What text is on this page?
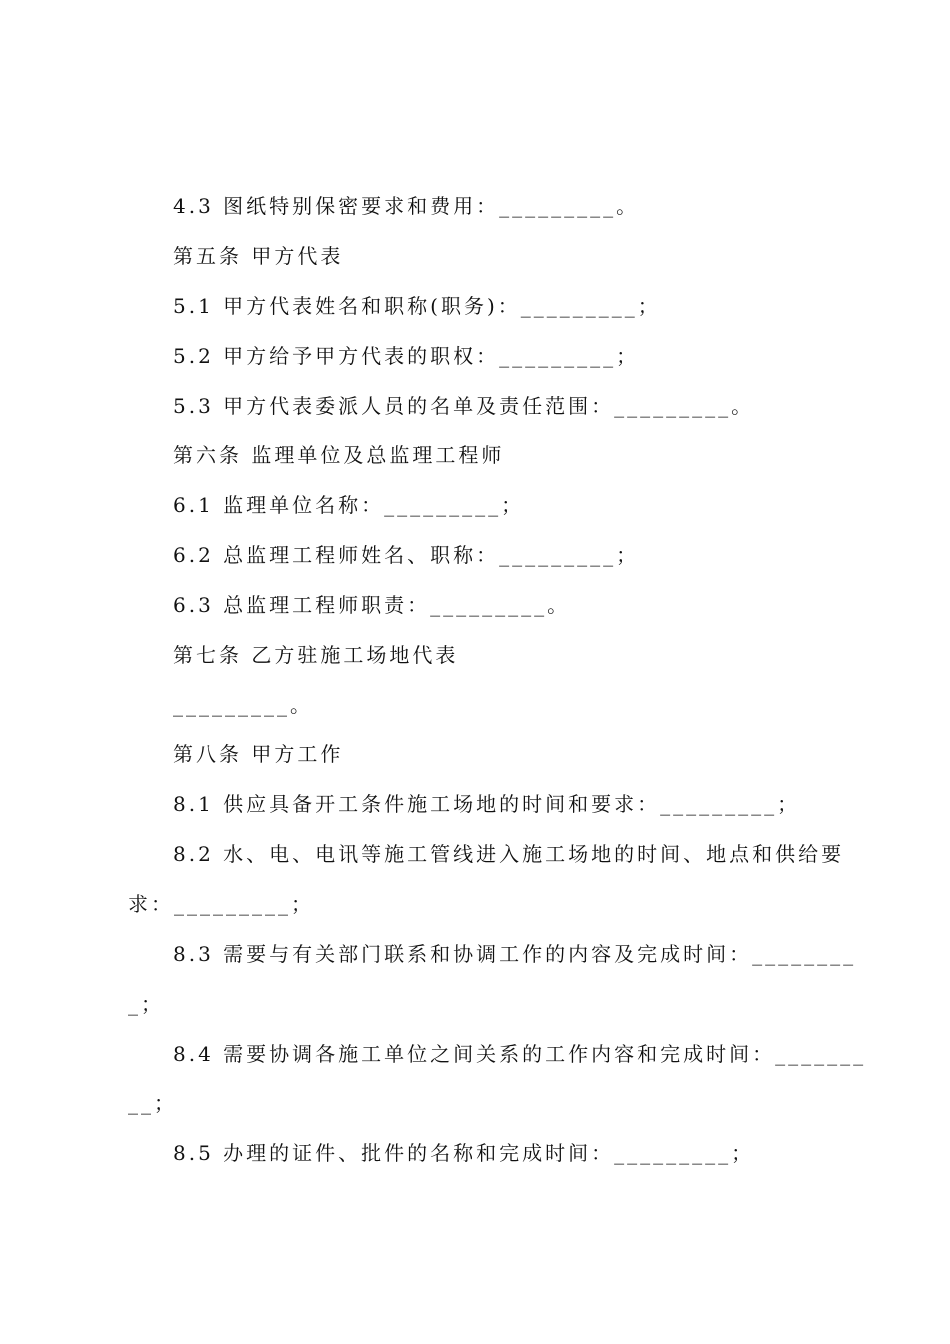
4.3 图纸特别保密要求和费用：_________。
第五条 甲方代表
5.1 甲方代表姓名和职称(职务)：_________；
5.2 甲方给予甲方代表的职权：_________；
5.3 甲方代表委派人员的名单及责任范围：_________。
第六条 监理单位及总监理工程师
6.1 监理单位名称：_________；
6.2 总监理工程师姓名、职称：_________；
6.3 总监理工程师职责：_________。
第七条 乙方驻施工场地代表
_________。
第八条 甲方工作
8.1 供应具备开工条件施工场地的时间和要求：_________；
8.2 水、电、电讯等施工管线进入施工场地的时间、地点和供给要
求：_________；
8.3 需要与有关部门联系和协调工作的内容及完成时间：________
_；
8.4 需要协调各施工单位之间关系的工作内容和完成时间：_______
__；
8.5 办理的证件、批件的名称和完成时间：_________；
